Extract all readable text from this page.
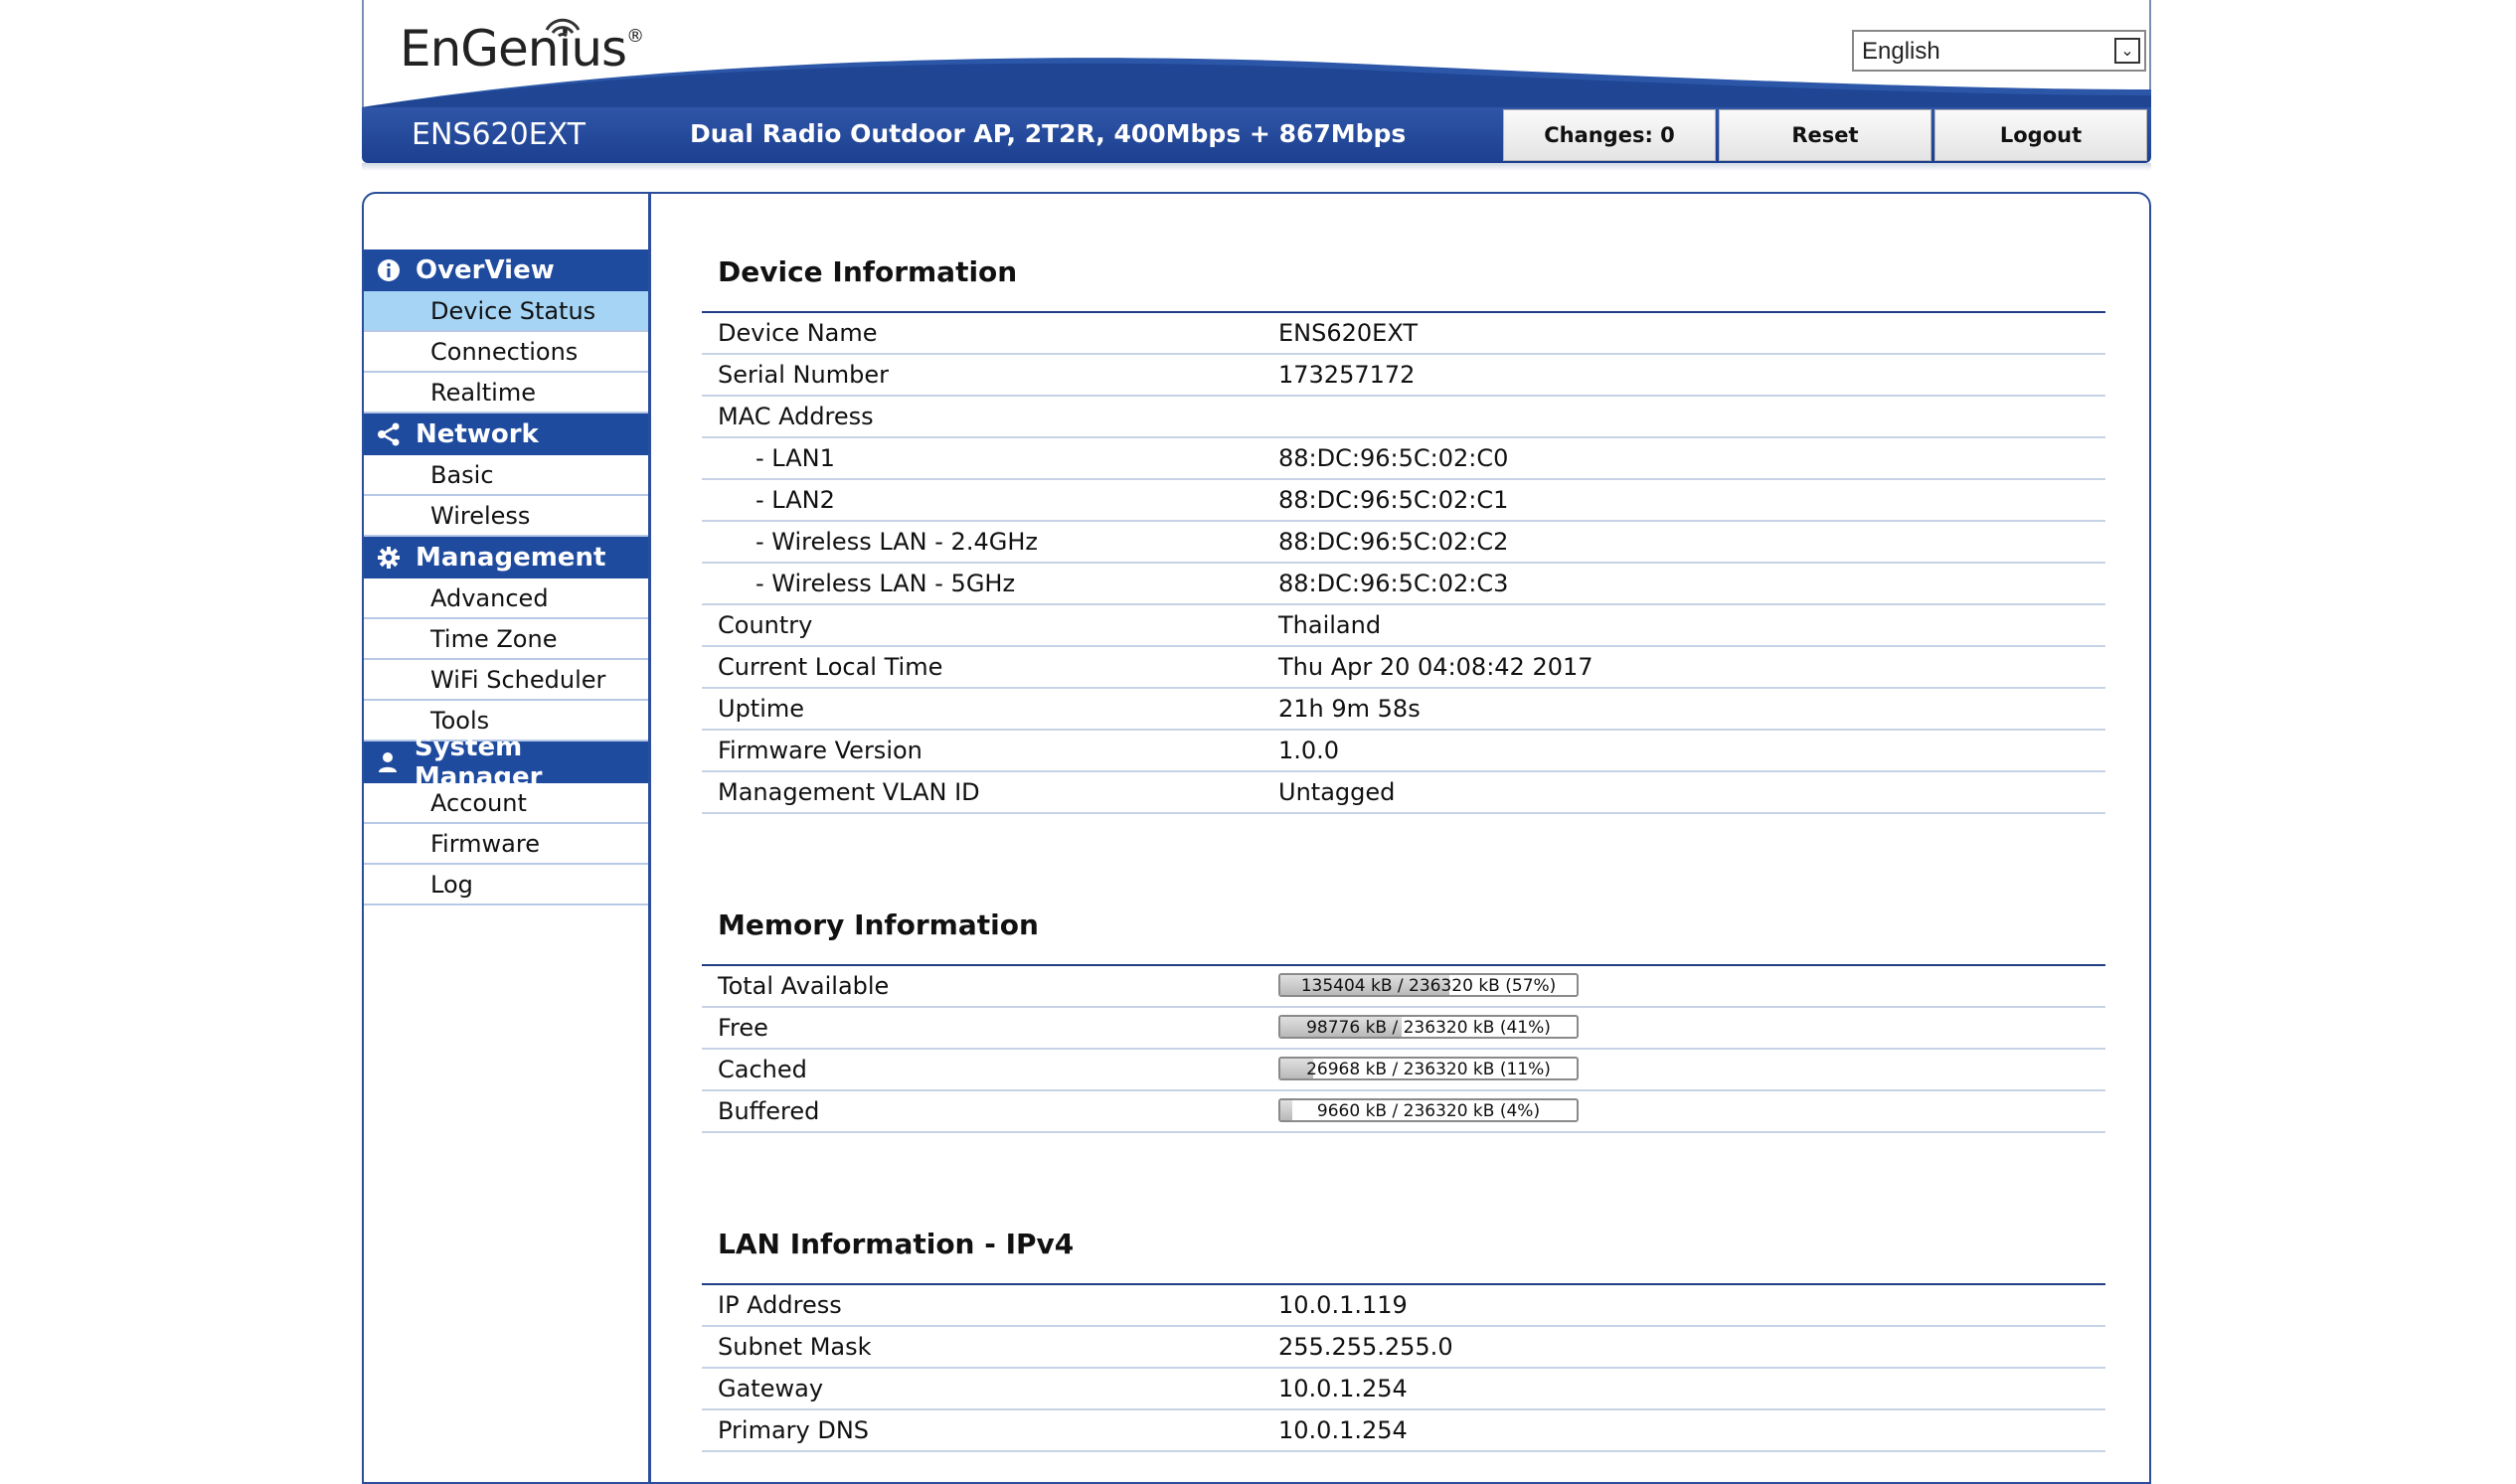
EnGenius®
English	⌄
ENS620EXT	Dual Radio Outdoor AP, 2T2R, 400Mbps + 867Mbps	Changes: 0	Reset	Logout
OverView
Device Status
Connections
Realtime
Network
Basic
Wireless
Management
Advanced
Time Zone
WiFi Scheduler
Tools
System Manager
Account
Firmware
Log
Device Information
Device Name	ENS620EXT
Serial Number	173257172
MAC Address
- LAN1	88:DC:96:5C:02:C0
- LAN2	88:DC:96:5C:02:C1
- Wireless LAN - 2.4GHz	88:DC:96:5C:02:C2
- Wireless LAN - 5GHz	88:DC:96:5C:02:C3
Country	Thailand
Current Local Time	Thu Apr 20 04:08:42 2017
Uptime	21h 9m 58s
Firmware Version	1.0.0
Management VLAN ID	Untagged
Memory Information
Total Available	135404 kB / 236320 kB (57%)
Free	98776 kB / 236320 kB (41%)
Cached	26968 kB / 236320 kB (11%)
Buffered	9660 kB / 236320 kB (4%)
LAN Information - IPv4
IP Address	10.0.1.119
Subnet Mask	255.255.255.0
Gateway	10.0.1.254
Primary DNS	10.0.1.254
